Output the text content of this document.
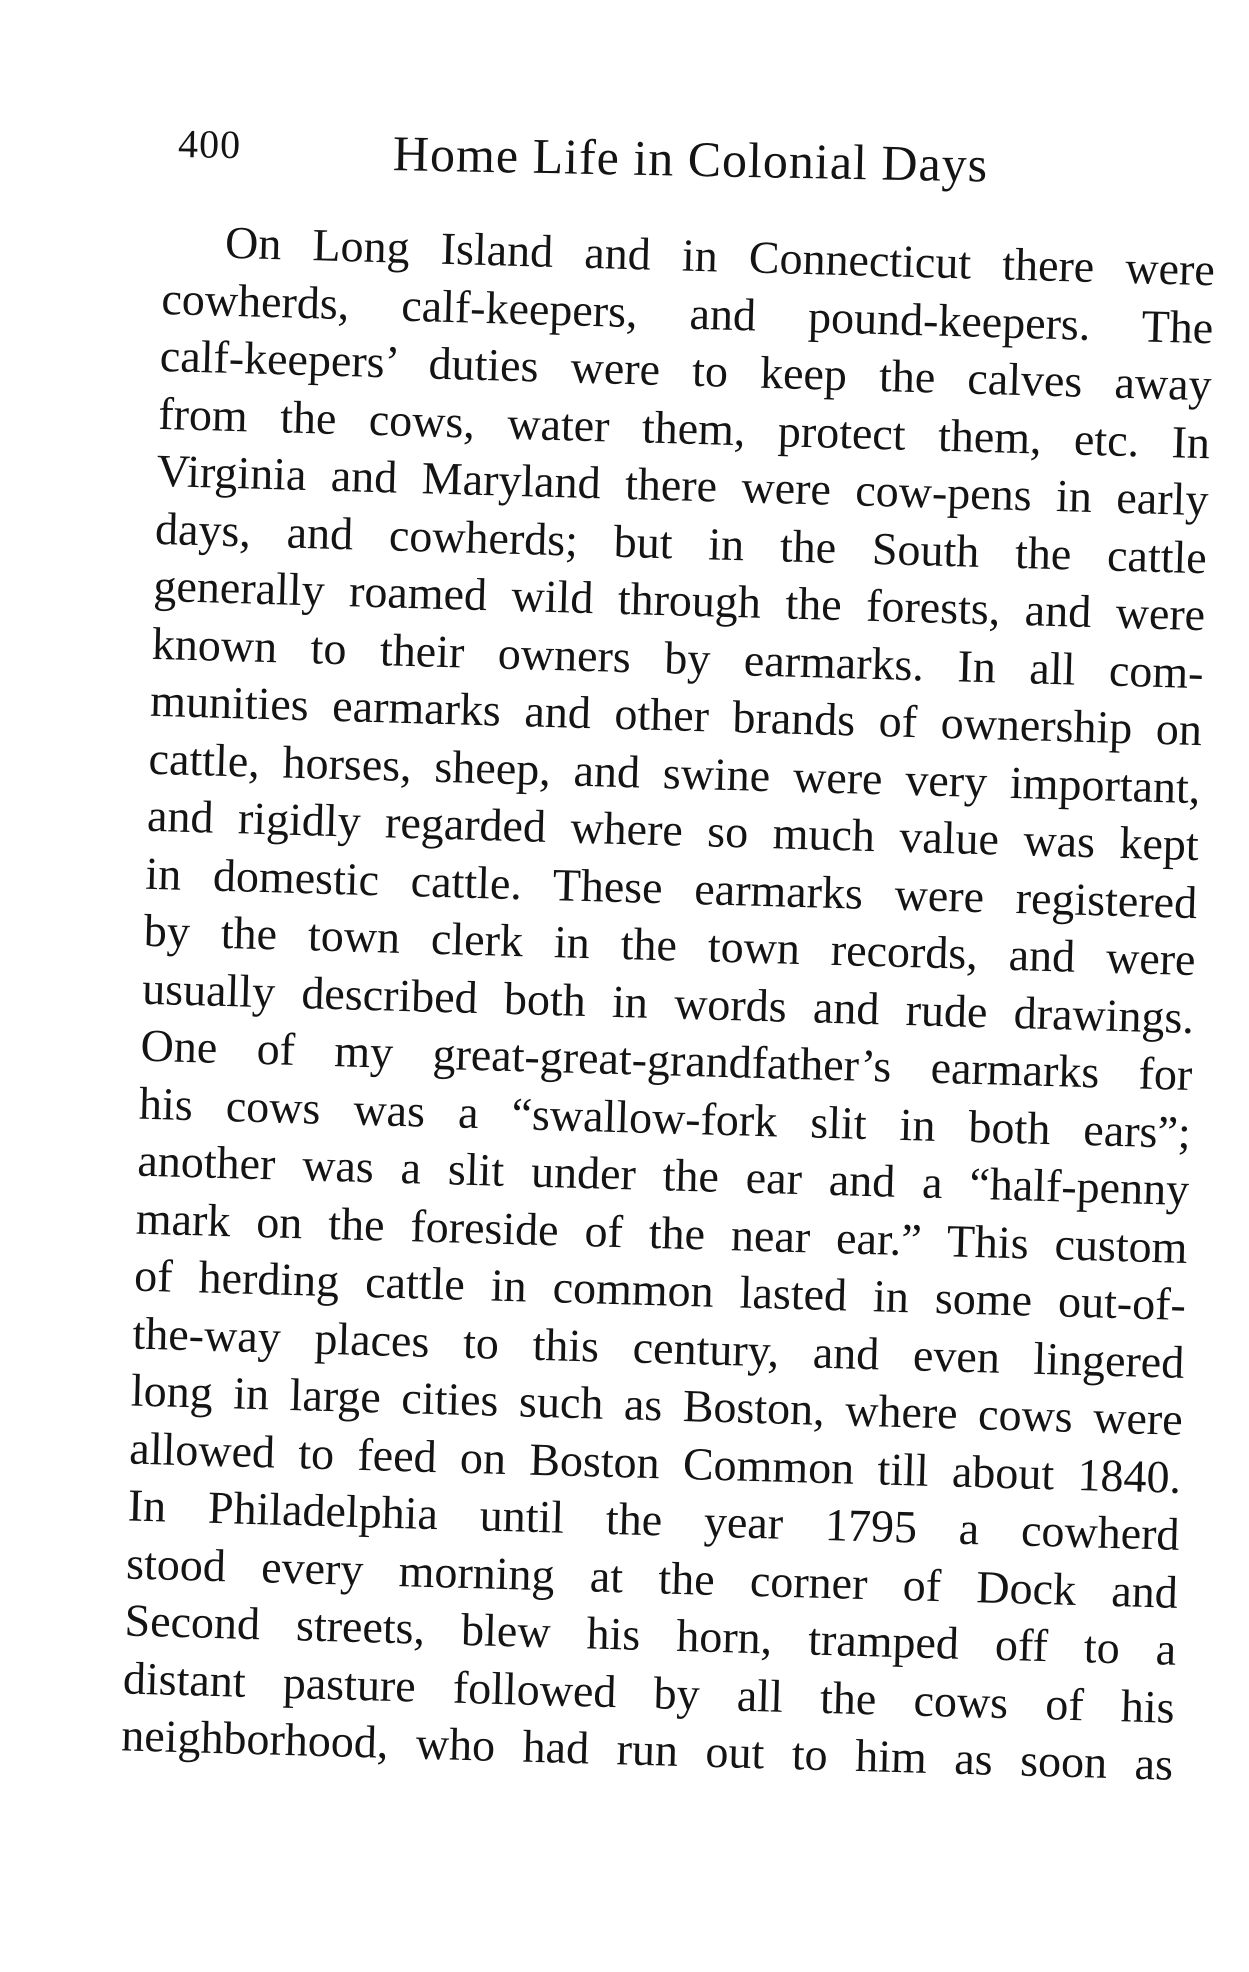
400	Home Life in Colonial Days
On Long Island and in Connecticut there were
cowherds, calf-keepers, and pound-keepers. The
calf-keepers’ duties were to keep the calves away
from the cows, water them, protect them, etc. In
Virginia and Maryland there were cow-pens in early
days, and cowherds; but in the South the cattle
generally roamed wild through the forests, and were
known to their owners by earmarks. In all com-
munities earmarks and other brands of ownership on
cattle, horses, sheep, and swine were very important,
and rigidly regarded where so much value was kept
in domestic cattle. These earmarks were registered
by the town clerk in the town records, and were
usually described both in words and rude drawings.
One of my great-great-grandfather’s earmarks for
his cows was a “swallow-fork slit in both ears”;
another was a slit under the ear and a “half-penny
mark on the foreside of the near ear.” This custom
of herding cattle in common lasted in some out-of-
the-way places to this century, and even lingered
long in large cities such as Boston, where cows were
allowed to feed on Boston Common till about 1840.
In Philadelphia until the year 1795 a cowherd
stood every morning at the corner of Dock and
Second streets, blew his horn, tramped off to a
distant pasture followed by all the cows of his
neighborhood, who had run out to him as soon as
